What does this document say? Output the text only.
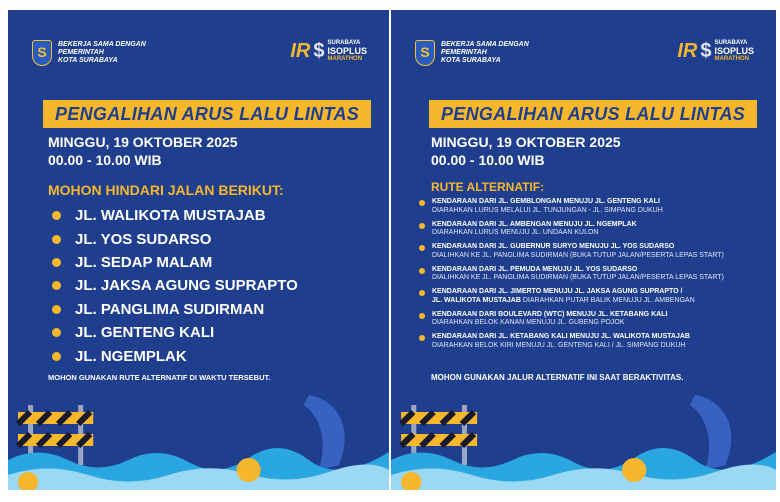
S	BEKERJA SAMA DENGAN
PEMERINTAH
KOTA SURABAYA	IR $ SURABAYA
ISOPLUS
MARATHON
PENGALIHAN ARUS LALU LINTAS
MINGGU, 19 OKTOBER 2025
00.00 - 10.00 WIB
MOHON HINDARI JALAN BERIKUT:
JL. WALIKOTA MUSTAJAB
JL. YOS SUDARSO
JL. SEDAP MALAM
JL. JAKSA AGUNG SUPRAPTO
JL. PANGLIMA SUDIRMAN
JL. GENTENG KALI
JL. NGEMPLAK
MOHON GUNAKAN RUTE ALTERNATIF DI WAKTU TERSEBUT.
S	BEKERJA SAMA DENGAN
PEMERINTAH
KOTA SURABAYA	IR $ SURABAYA
ISOPLUS
MARATHON
PENGALIHAN ARUS LALU LINTAS
MINGGU, 19 OKTOBER 2025
00.00 - 10.00 WIB
RUTE ALTERNATIF:
KENDARAAN DARI JL. GEMBLONGAN MENUJU JL. GENTENG KALI
DIARAHKAN LURUS MELALUI JL. TUNJUNGAN - JL. SIMPANG DUKUH
KENDARAAN DARI JL. AMBENGAN MENUJU JL. NGEMPLAK
DIARAHKAN LURUS MENUJU JL. UNDAAN KULON
KENDARAAN DARI JL. GUBERNUR SURYO MENUJU JL. YOS SUDARSO
DIALIHKAN KE JL. PANGLIMA SUDIRMAN (BUKA TUTUP JALAN/PESERTA LEPAS START)
KENDARAAN DARI JL. PEMUDA MENUJU JL. YOS SUDARSO
DIALIHKAN KE JL. PANGLIMA SUDIRMAN (BUKA TUTUP JALAN/PESERTA LEPAS START)
KENDARAAN DARI JL. JIMERTO MENUJU JL. JAKSA AGUNG SUPRAPTO /
JL. WALIKOTA MUSTAJAB DIARAHKAN PUTAR BALIK MENUJU JL. AMBENGAN
KENDARAAN DARI BOULEVARD (WTC) MENUJU JL. KETABANG KALI
DIARAHKAN BELOK KANAN MENUJU JL. GUBENG POJOK
KENDARAAN DARI JL. KETABANG KALI MENUJU JL. WALIKOTA MUSTAJAB
DIARAHKAN BELOK KIRI MENUJU JL. GENTENG KALI / JL. SIMPANG DUKUH
MOHON GUNAKAN JALUR ALTERNATIF INI SAAT BERAKTIVITAS.
